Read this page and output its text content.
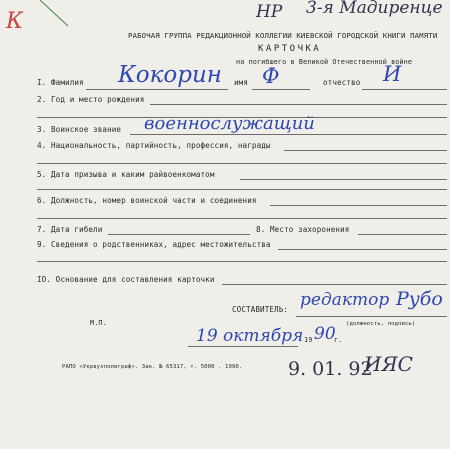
К	НР 3-я Мадиренце
РАБОЧАЯ ГРУППА РЕДАКЦИОННОЙ КОЛЛЕГИИ КИЕВСКОЙ ГОРОДСКОЙ КНИГИ ПАМЯТИ
КАРТОЧКА
на погибшего в Великой Отечественной войне
I. Фамилия Кокорин имя Ф	отчество И
2. Год и место рождения
3. Воинское звание военнослужащий
4. Национальность, партийность, профессия, награды
5. Дата призыва и каким райвоенкоматом
6. Должность, номер воинской части и соединения
7. Дата гибели	8. Место захоронения
9. Сведения о родственниках, адрес местожительства
IO. Основание для составления карточки
СОСТАВИТЕЛЬ: редактор Рубо
(должность, подпись)
М.П.
19 октября 19 90
г.
РАПО «Укрвузполиграф». Зак. № 65317, т. 5000 . 1990. 9. 01. 92
ИЯС
